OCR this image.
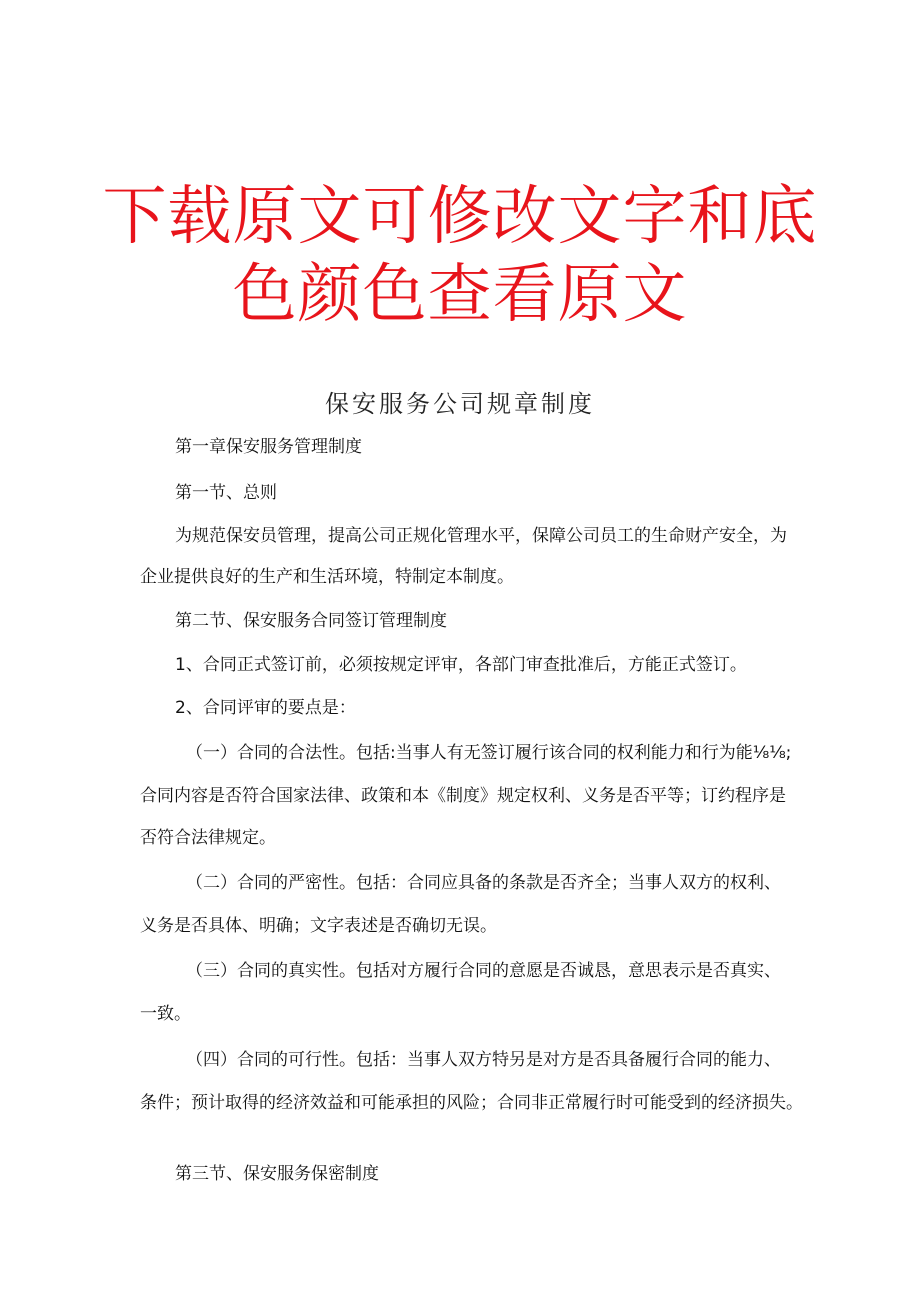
下载原文可修改文字和底
色颜色查看原文
保安服务公司规章制度
第一章保安服务管理制度
第一节、总则
为规范保安员管理，提高公司正规化管理水平，保障公司员工的生命财产安全，为
企业提供良好的生产和生活环境，特制定本制度。
第二节、保安服务合同签订管理制度
1、合同正式签订前，必须按规定评审，各部门审查批准后，方能正式签订。
2、合同评审的要点是：
（一）合同的合法性。包括:当事人有无签订履行该合同的权利能力和行为能⅛⅛;
合同内容是否符合国家法律、政策和本《制度》规定权利、义务是否平等；订约程序是
否符合法律规定。
（二）合同的严密性。包括：合同应具备的条款是否齐全；当事人双方的权利、
义务是否具体、明确；文字表述是否确切无误。
（三）合同的真实性。包括对方履行合同的意愿是否诚恳，意思表示是否真实、
一致。
（四）合同的可行性。包括：当事人双方特另是对方是否具备履行合同的能力、
条件；预计取得的经济效益和可能承担的风险；合同非正常履行时可能受到的经济损失。
第三节、保安服务保密制度
